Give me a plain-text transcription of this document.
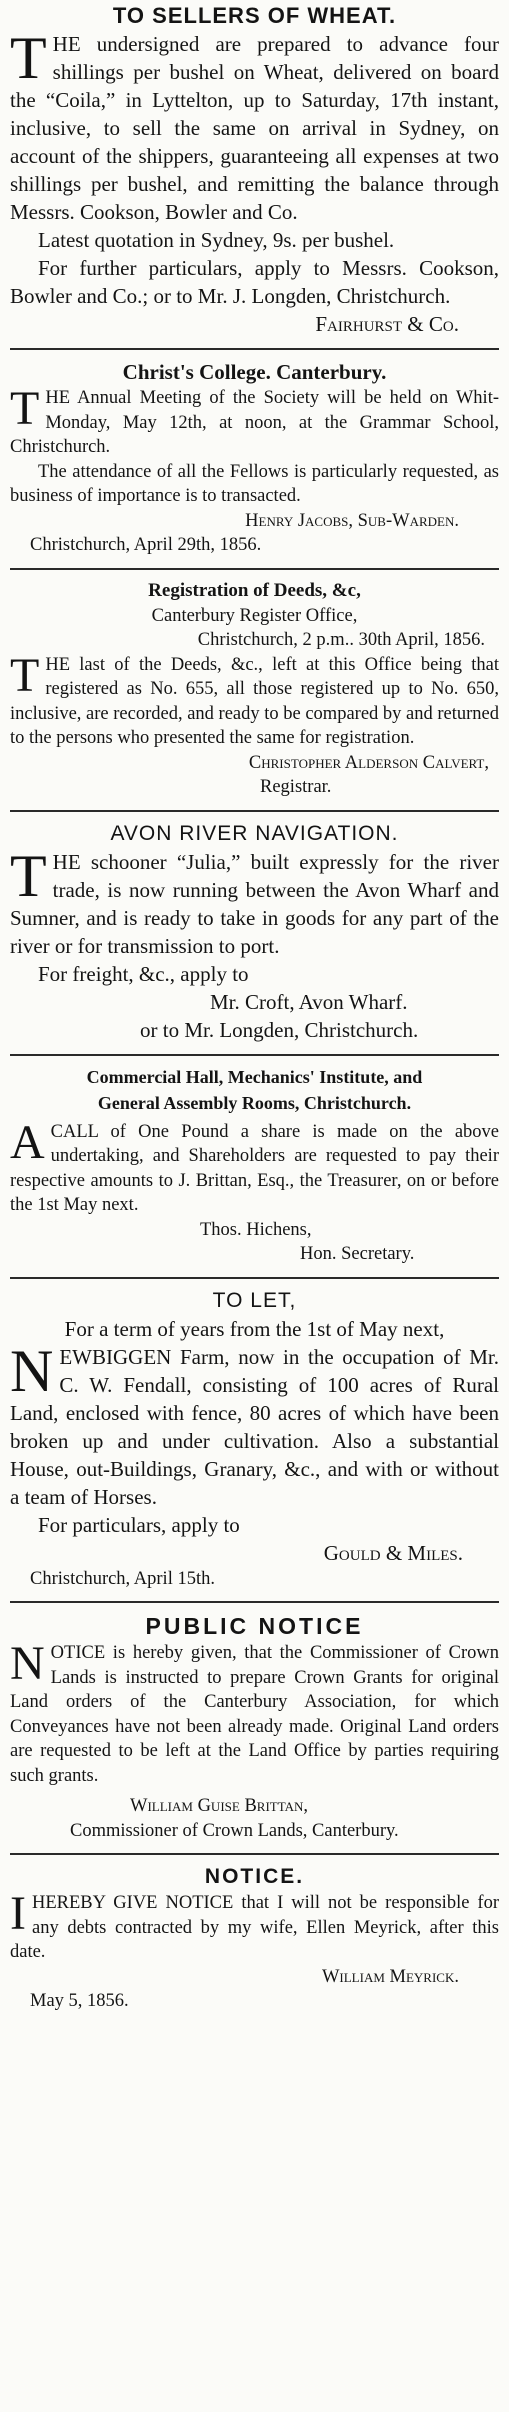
TO SELLERS OF WHEAT.

THE undersigned are prepared to advance four shillings per bushel on Wheat, delivered on board the “Coila,” in Lyttelton, up to Saturday, 17th instant, inclusive, to sell the same on arrival in Sydney, on account of the shippers, guaranteeing all expenses at two shillings per bushel, and remitting the balance through Messrs. Cookson, Bowler and Co.

Latest quotation in Sydney, 9s. per bushel.

For further particulars, apply to Messrs. Cookson, Bowler and Co.; or to Mr. J. Longden, Christchurch.

Fairhurst & Co.

Christ's College. Canterbury.

THE Annual Meeting of the Society will be held on Whit-Monday, May 12th, at noon, at the Grammar School, Christchurch.

The attendance of all the Fellows is particularly requested, as business of importance is to transacted.

Henry Jacobs, Sub-Warden.

Christchurch, April 29th, 1856.

Registration of Deeds, &c,

Canterbury Register Office,

Christchurch, 2 p.m.. 30th April, 1856.

THE last of the Deeds, &c., left at this Office being that registered as No. 655, all those registered up to No. 650, inclusive, are recorded, and ready to be compared by and returned to the persons who presented the same for registration.

Christopher Alderson Calvert,

Registrar.

AVON RIVER NAVIGATION.

THE schooner “Julia,” built expressly for the river trade, is now running between the Avon Wharf and Sumner, and is ready to take in goods for any part of the river or for transmission to port.

For freight, &c., apply to

Mr. Croft, Avon Wharf.

or to Mr. Longden, Christchurch.

Commercial Hall, Mechanics' Institute, and
General Assembly Rooms, Christchurch.

ACALL of One Pound a share is made on the above undertaking, and Shareholders are requested to pay their respective amounts to J. Brittan, Esq., the Treasurer, on or before the 1st May next.

Thos. Hichens,

Hon. Secretary.

TO LET,

For a term of years from the 1st of May next,

NEWBIGGEN Farm, now in the occupation of Mr. C. W. Fendall, consisting of 100 acres of Rural Land, enclosed with fence, 80 acres of which have been broken up and under cultivation. Also a substantial House, out-Buildings, Granary, &c., and with or without a team of Horses.

For particulars, apply to

Gould & Miles.

Christchurch, April 15th.

PUBLIC NOTICE

NOTICE is hereby given, that the Commissioner of Crown Lands is instructed to prepare Crown Grants for original Land orders of the Canterbury Association, for which Conveyances have not been already made. Original Land orders are requested to be left at the Land Office by parties requiring such grants.

William Guise Brittan,

Commissioner of Crown Lands, Canterbury.

NOTICE.

IHEREBY GIVE NOTICE that I will not be responsible for any debts contracted by my wife, Ellen Meyrick, after this date.

William Meyrick.

May 5, 1856.
